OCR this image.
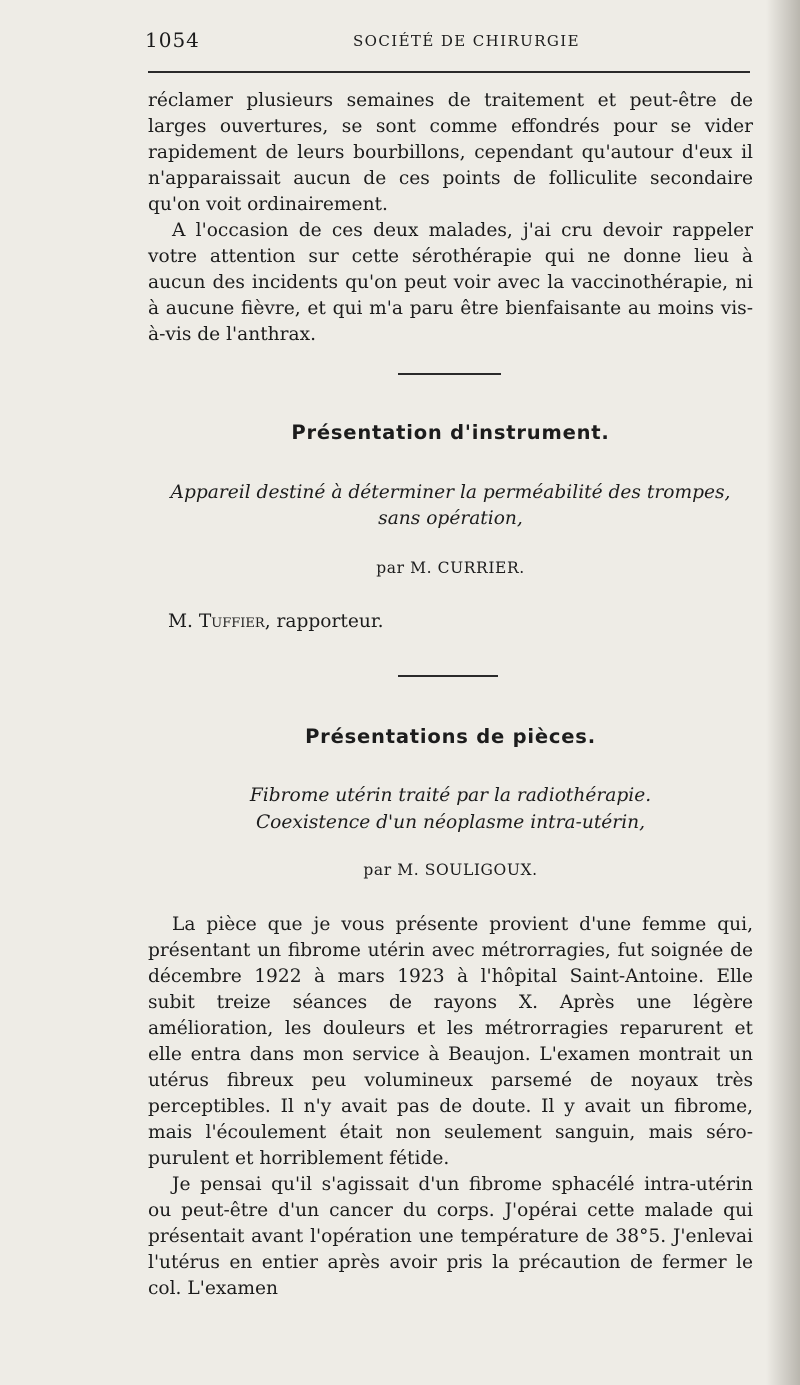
1054	SOCIÉTÉ DE CHIRURGIE

réclamer plusieurs semaines de traitement et peut-être de larges ouvertures, se sont comme effondrés pour se vider rapidement de leurs bourbillons, cependant qu'autour d'eux il n'apparaissait aucun de ces points de folliculite secondaire qu'on voit ordinairement.

A l'occasion de ces deux malades, j'ai cru devoir rappeler votre attention sur cette sérothérapie qui ne donne lieu à aucun des incidents qu'on peut voir avec la vaccinothérapie, ni à aucune fièvre, et qui m'a paru être bienfaisante au moins vis-à-vis de l'anthrax.

Présentation d'instrument.
Appareil destiné à déterminer la perméabilité des trompes,
sans opération,
par M. CURRIER.
M. Tuffier, rapporteur.
Présentations de pièces.
Fibrome utérin traité par la radiothérapie.
Coexistence d'un néoplasme intra-utérin,
par M. SOULIGOUX.

La pièce que je vous présente provient d'une femme qui, présentant un fibrome utérin avec métrorragies, fut soignée de décembre 1922 à mars 1923 à l'hôpital Saint-Antoine. Elle subit treize séances de rayons X. Après une légère amélioration, les douleurs et les métrorragies reparurent et elle entra dans mon service à Beaujon. L'examen montrait un utérus fibreux peu volumineux parsemé de noyaux très perceptibles. Il n'y avait pas de doute. Il y avait un fibrome, mais l'écoulement était non seulement sanguin, mais séro-purulent et horriblement fétide.

Je pensai qu'il s'agissait d'un fibrome sphacélé intra-utérin ou peut-être d'un cancer du corps. J'opérai cette malade qui présentait avant l'opération une température de 38°5. J'enlevai l'utérus en entier après avoir pris la précaution de fermer le col. L'examen
